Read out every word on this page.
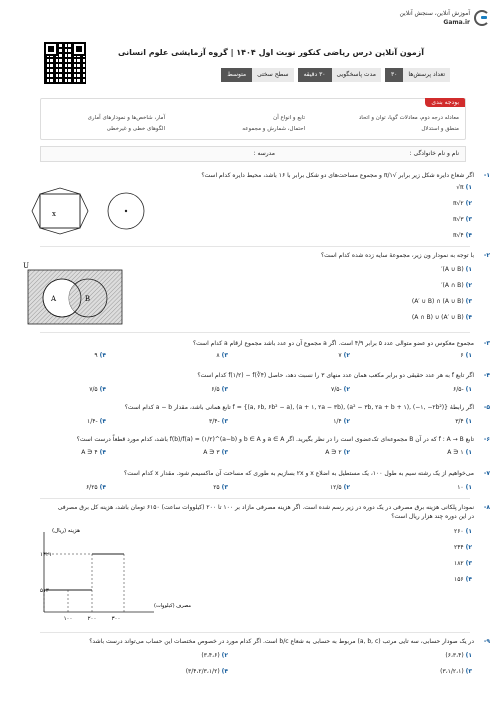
آموزش آنلاین، سنجش آنلاین
Gama.ir
آزمون آنلاین درس ریاضی کنکور نوبت اول ۱۴۰۴ | گروه آزمایشی علوم انسانی
تعداد پرسش‌ها
۳۰
مدت پاسخگویی
۳۰ دقیقه
سطح سختی
متوسط
بودجه بندی
معادله درجه دوم، معادلات گویا، توان و اتحاد
منطق و استدلال
تابع و انواع آن
احتمال، شمارش و مجموعه
آمار، شاخص‌ها و نمودارهای آماری
الگوهای خطی و غیرخطی
نام و نام خانوادگی :
مدرسه :
۱-
اگر شعاع دایره شکل زیر برابر √π/۱ و مجموع مساحت‌های دو شکل برابر با ۱۶ باشد، محیط دایره کدام است؟
۱) π√
۲) π√۲
۳) π√۳
۴) π√۴
x
۲-
با توجه به نمودار ون زیر، مجموعهٔ سایه زده شده کدام است؟
۱) (A ∪ B)′
۲) (A ∩ B)′
۳) (A ∪ B) ∩ (A′ ∪ B)
۴) (A′ ∪ B) ∪ (A ∩ B)
U
A	B
۳-
مجموع معکوس دو عضو متوالی عدد ۵ برابر ۴/۹ است. اگر a مجموع آن دو عدد باشد مجموع ارقام a کدام است؟
۱) ۶
۲) ۷
۳) ۸
۴) ۹
۴-
اگر تابع f به هر عدد حقیقی دو برابر مکعب همان عدد منهای ۳ را نسبت دهد، حاصل (f(۱/۲) − f(∛۴ کدام است؟
۱) -۶/۵
۲) -۷/۵
۳) ۶/۵
۴) ۷/۵
۵-
اگر رابطهٔ f = {(a, ۶b, ۶b² − a), (a + ۱, ۲a − ۳b), (a² − ۳b, ۲a + b + ۱), (−۱, −۲b²)} تابع همانی باشد، مقدار a − b کدام است؟
۱) ۳/۴
۲) ۱/۴
۳) -۳/۴
۴) -۱/۴
۶-
تابع f : A → B که در آن B مجموعه‌ای تک‌عضوی است را در نظر بگیرید. اگر a ∈ A و b ∈ A و f(b)/f(a) = (۱/۲)^(a−b) باشد، کدام مورد قطعاً درست است؟
۱) ۱ ∈ A
۲) ۲ ∈ A
۳) ۳ ∈ A
۴) ۴ ∈ A
۷-
می‌خواهیم از یک رشته سیم به طول ۱۰۰، یک مستطیل به اضلاع x و ۲x بسازیم به طوری که مساحت آن ماکسیمم شود. مقدار x کدام است؟
۱) ۱۰
۲) ۱۲/۵
۳) ۲۵
۴) ۶/۲۵
۸-
نمودار پلکانی هزینه برق مصرفی در یک دوره در زیر رسم شده است. اگر هزینه مصرفی مازاد بر ۱۰۰ تا ۲۰۰ (کیلووات ساعت) ۶۱۵۰ تومان باشد، هزینه کل برق مصرفی
در این دوره چند هزار ریال است؟
۱) ۲۶۰
۲) ۲۴۴
۳) ۱۸۲
۴) ۱۵۶
هزینه (ریال)
مصرف (کیلووات)
۱۰۰	۲۰۰	۳۰۰
۵۱۳
۱۳۲۱
۹-
در یک صودار حسابی، سه تایی مرتب (a, b, c) مربوط به حسابی به شعاع b/c است. اگر کدام مورد در خصوص مختصات این حساب می‌تواند درست باشد؟
۱) (۶،۳،۴)
۲) (۳،۴،۶)
۳) (۳،۱/۲،۱)
۴) (۳/۴،۲/۳،۱/۲)
